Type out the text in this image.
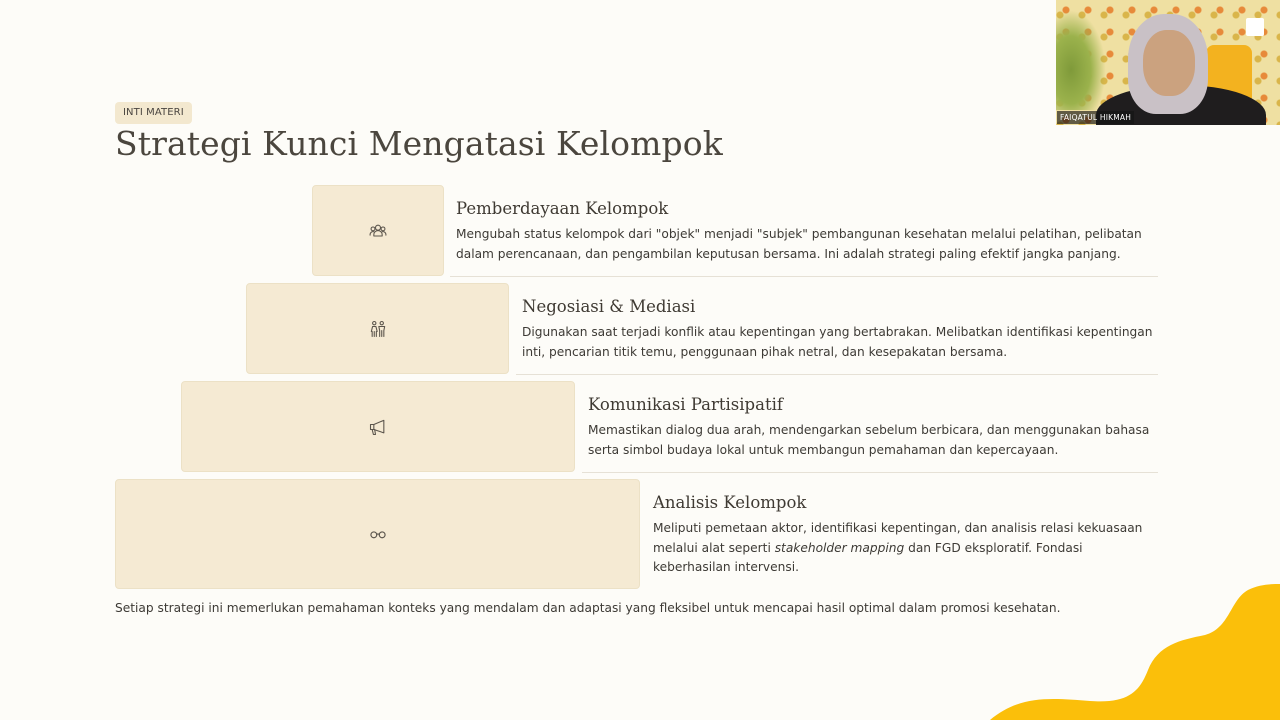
INTI MATERI
Strategi Kunci Mengatasi Kelompok
Pemberdayaan Kelompok
Mengubah status kelompok dari "objek" menjadi "subjek" pembangunan kesehatan melalui pelatihan, pelibatan dalam perencanaan, dan pengambilan keputusan bersama. Ini adalah strategi paling efektif jangka panjang.
Negosiasi & Mediasi
Digunakan saat terjadi konflik atau kepentingan yang bertabrakan. Melibatkan identifikasi kepentingan inti, pencarian titik temu, penggunaan pihak netral, dan kesepakatan bersama.
Komunikasi Partisipatif
Memastikan dialog dua arah, mendengarkan sebelum berbicara, dan menggunakan bahasa serta simbol budaya lokal untuk membangun pemahaman dan kepercayaan.
Analisis Kelompok
Meliputi pemetaan aktor, identifikasi kepentingan, dan analisis relasi kekuasaan melalui alat seperti stakeholder mapping dan FGD eksploratif. Fondasi keberhasilan intervensi.
Setiap strategi ini memerlukan pemahaman konteks yang mendalam dan adaptasi yang fleksibel untuk mencapai hasil optimal dalam promosi kesehatan.
FAIQATUL HIKMAH
